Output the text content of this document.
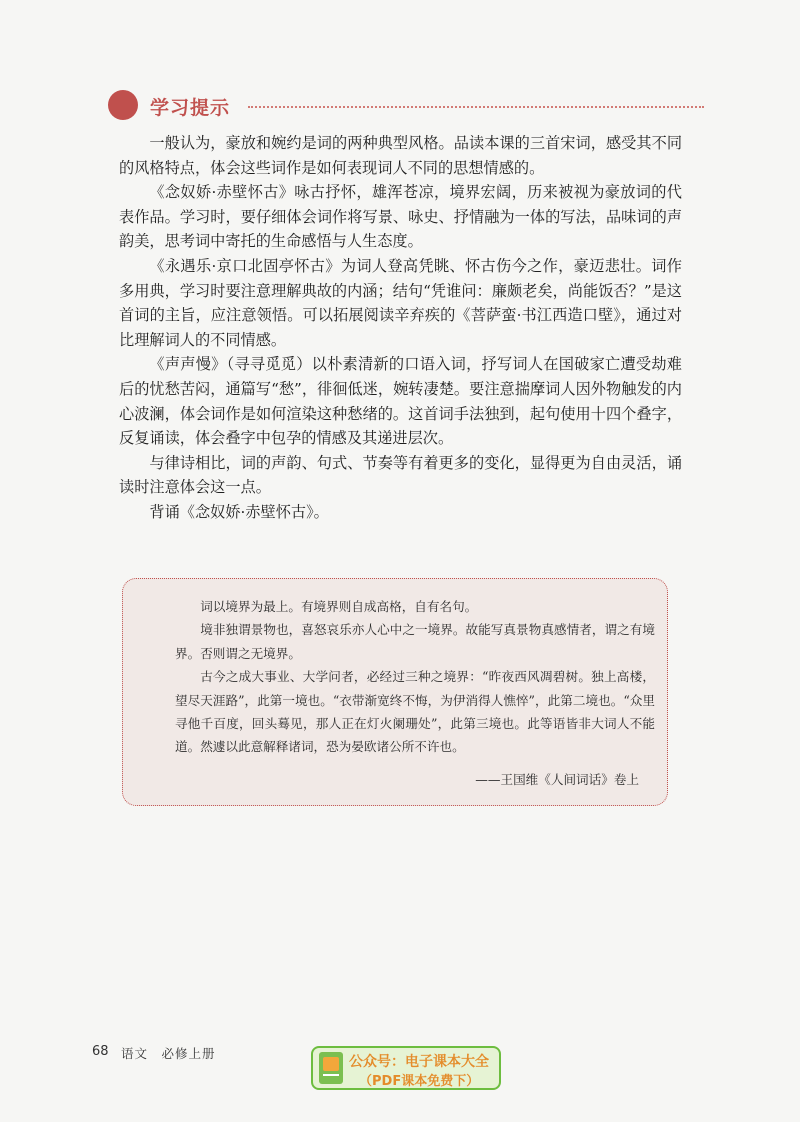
学习提示

一般认为，豪放和婉约是词的两种典型风格。品读本课的三首宋词，感受其不同的风格特点，体会这些词作是如何表现词人不同的思想情感的。

《念奴娇·赤壁怀古》咏古抒怀，雄浑苍凉，境界宏阔，历来被视为豪放词的代表作品。学习时，要仔细体会词作将写景、咏史、抒情融为一体的写法，品味词的声韵美，思考词中寄托的生命感悟与人生态度。

《永遇乐·京口北固亭怀古》为词人登高凭眺、怀古伤今之作，豪迈悲壮。词作多用典，学习时要注意理解典故的内涵；结句“凭谁问：廉颇老矣，尚能饭否？”是这首词的主旨，应注意领悟。可以拓展阅读辛弃疾的《菩萨蛮·书江西造口壁》，通过对比理解词人的不同情感。

《声声慢》（寻寻觅觅）以朴素清新的口语入词，抒写词人在国破家亡遭受劫难后的忧愁苦闷，通篇写“愁”，徘徊低迷，婉转凄楚。要注意揣摩词人因外物触发的内心波澜，体会词作是如何渲染这种愁绪的。这首词手法独到，起句使用十四个叠字，反复诵读，体会叠字中包孕的情感及其递进层次。

与律诗相比，词的声韵、句式、节奏等有着更多的变化，显得更为自由灵活，诵读时注意体会这一点。

背诵《念奴娇·赤壁怀古》。

词以境界为最上。有境界则自成高格，自有名句。

境非独谓景物也，喜怒哀乐亦人心中之一境界。故能写真景物真感情者，谓之有境界。否则谓之无境界。

古今之成大事业、大学问者，必经过三种之境界：“昨夜西风凋碧树。独上高楼，望尽天涯路”，此第一境也。“衣带渐宽终不悔，为伊消得人憔悴”，此第二境也。“众里寻他千百度，回头蓦见，那人正在灯火阑珊处”，此第三境也。此等语皆非大词人不能道。然遽以此意解释诸词，恐为晏欧诸公所不许也。

——王国维《人间词话》卷上
68 语文　必修上册
公众号：电子课本大全
（PDF课本免费下）
